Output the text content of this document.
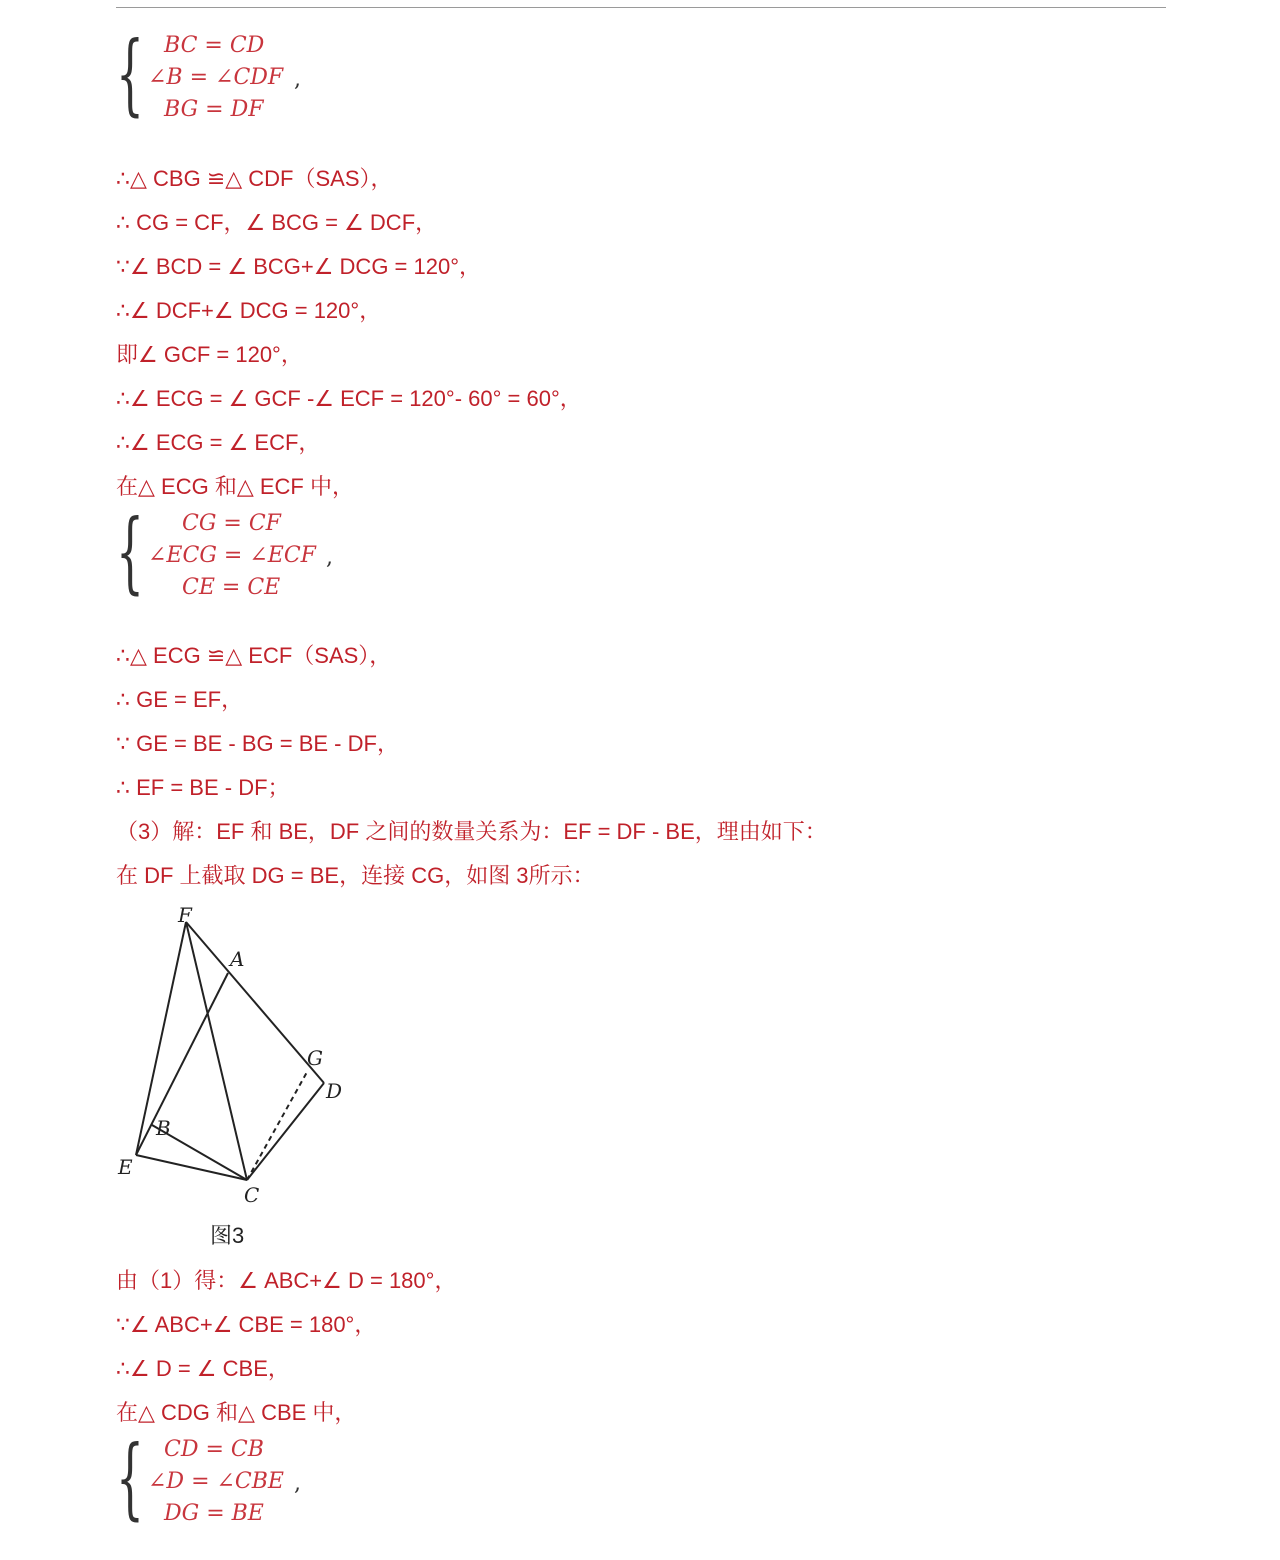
{ BC = CD
∠B = ∠CDF
BG = DF
,
∴△ CBG ≌△ CDF（SAS），
∴ CG = CF，∠ BCG = ∠ DCF，
∵∠ BCD = ∠ BCG+∠ DCG = 120°，
∴∠ DCF+∠ DCG = 120°，
即∠ GCF = 120°，
∴∠ ECG = ∠ GCF -∠ ECF = 120°- 60° = 60°，
∴∠ ECG = ∠ ECF，
在△ ECG 和△ ECF 中，
{ CG = CF
∠ECG = ∠ECF
CE = CE
,
∴△ ECG ≌△ ECF（SAS），
∴ GE = EF，
∵ GE = BE - BG = BE - DF，
∴ EF = BE - DF；
（3）解：EF 和 BE，DF 之间的数量关系为：EF = DF - BE，理由如下：
在 DF 上截取 DG = BE，连接 CG，如图 3所示：
F
A
G
D
B
E
C
图3
由（1）得：∠ ABC+∠ D = 180°，
∵∠ ABC+∠ CBE = 180°，
∴∠ D = ∠ CBE，
在△ CDG 和△ CBE 中，
{ CD = CB
∠D = ∠CBE
DG = BE
,
